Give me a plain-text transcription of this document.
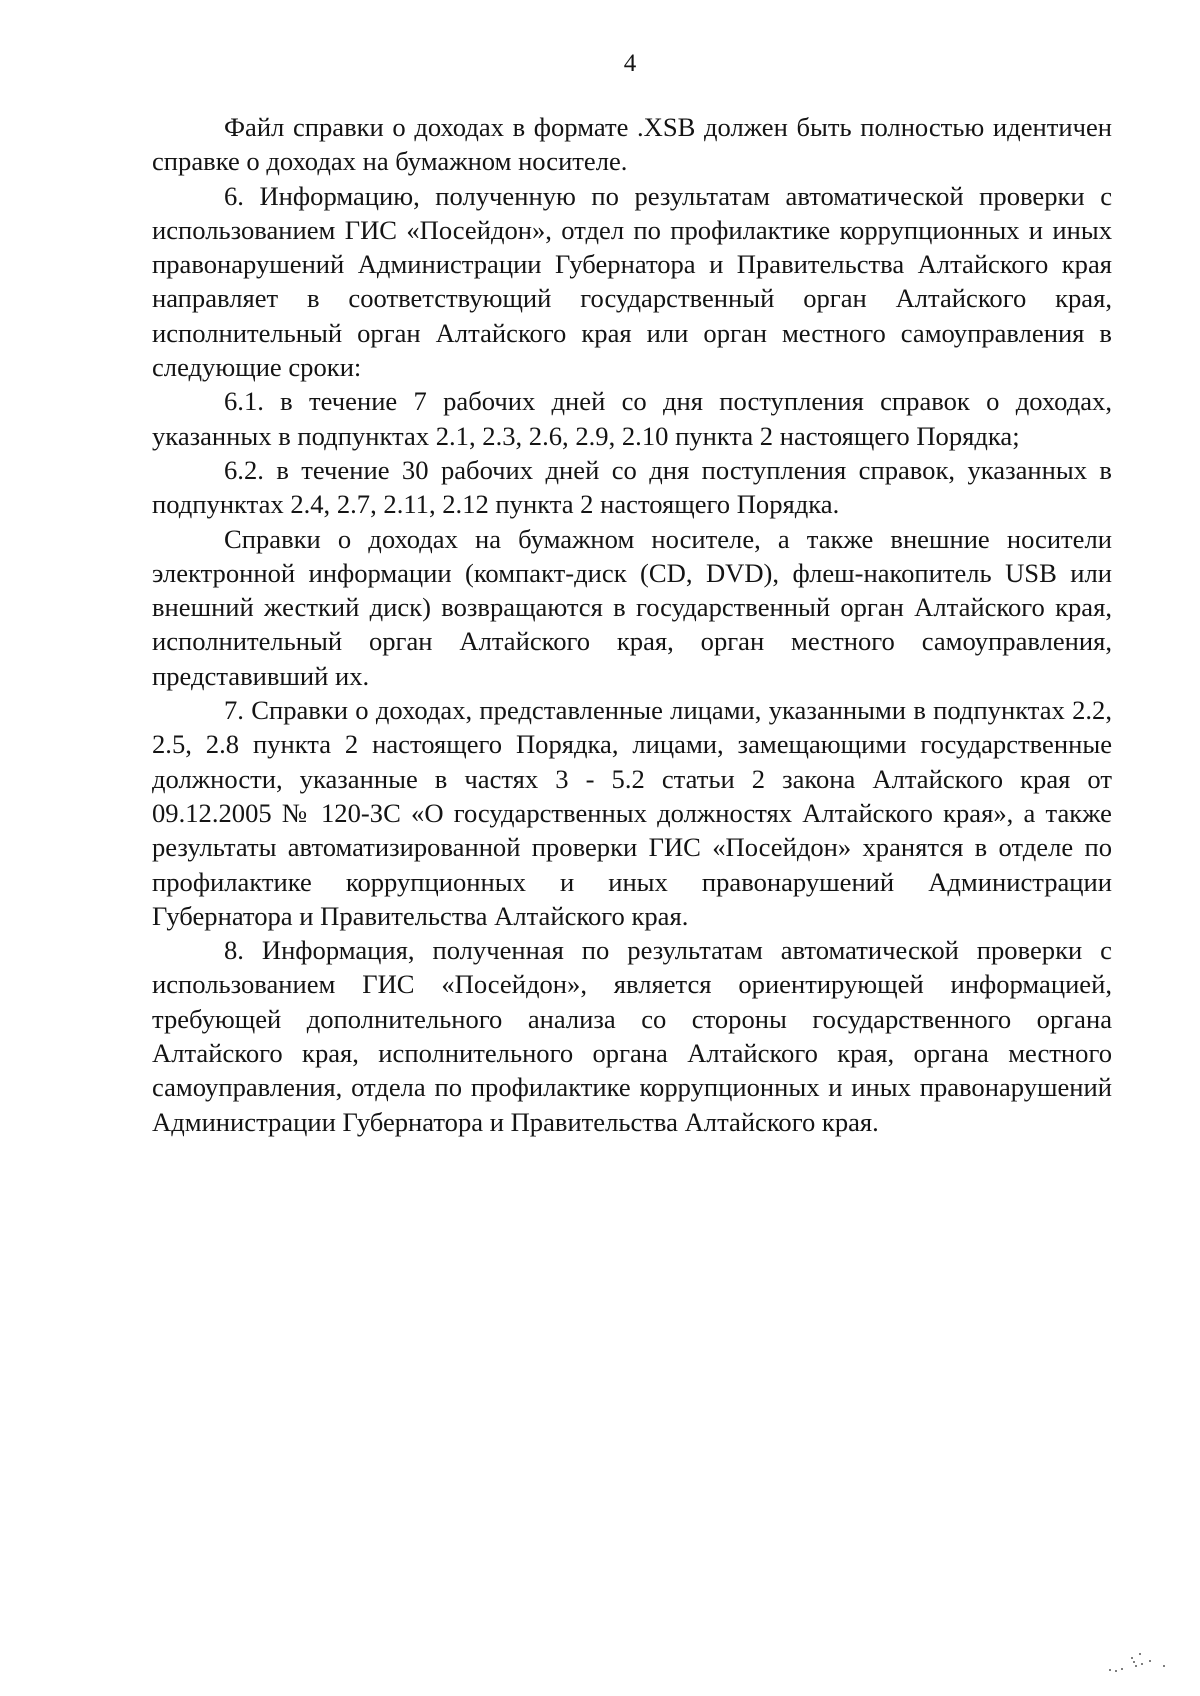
4

Файл справки о доходах в формате .XSB должен быть полностью идентичен справке о доходах на бумажном носителе.

6. Информацию, полученную по результатам автоматической проверки с использованием ГИС «Посейдон», отдел по профилактике коррупционных и иных правонарушений Администрации Губернатора и Правительства Алтайского края направляет в соответствующий государственный орган Алтайского края, исполнительный орган Алтайского края или орган местного самоуправления в следующие сроки:

6.1. в течение 7 рабочих дней со дня поступления справок о доходах, указанных в подпунктах 2.1, 2.3, 2.6, 2.9, 2.10 пункта 2 настоящего Порядка;

6.2. в течение 30 рабочих дней со дня поступления справок, указанных в подпунктах 2.4, 2.7, 2.11, 2.12 пункта 2 настоящего Порядка.

Справки о доходах на бумажном носителе, а также внешние носители электронной информации (компакт-диск (CD, DVD), флеш-накопитель USB или внешний жесткий диск) возвращаются в государственный орган Алтайского края, исполнительный орган Алтайского края, орган местного самоуправления, представивший их.

7. Справки о доходах, представленные лицами, указанными в подпунктах 2.2, 2.5, 2.8 пункта 2 настоящего Порядка, лицами, замещающими государственные должности, указанные в частях 3 - 5.2 статьи 2 закона Алтайского края от 09.12.2005 № 120-ЗС «О государственных должностях Алтайского края», а также результаты автоматизированной проверки ГИС «Посейдон» хранятся в отделе по профилактике коррупционных и иных правонарушений Администрации Губернатора и Правительства Алтайского края.

8. Информация, полученная по результатам автоматической проверки с использованием ГИС «Посейдон», является ориентирующей информацией, требующей дополнительного анализа со стороны государственного органа Алтайского края, исполнительного органа Алтайского края, органа местного самоуправления, отдела по профилактике коррупционных и иных правонарушений Администрации Губернатора и Правительства Алтайского края.
